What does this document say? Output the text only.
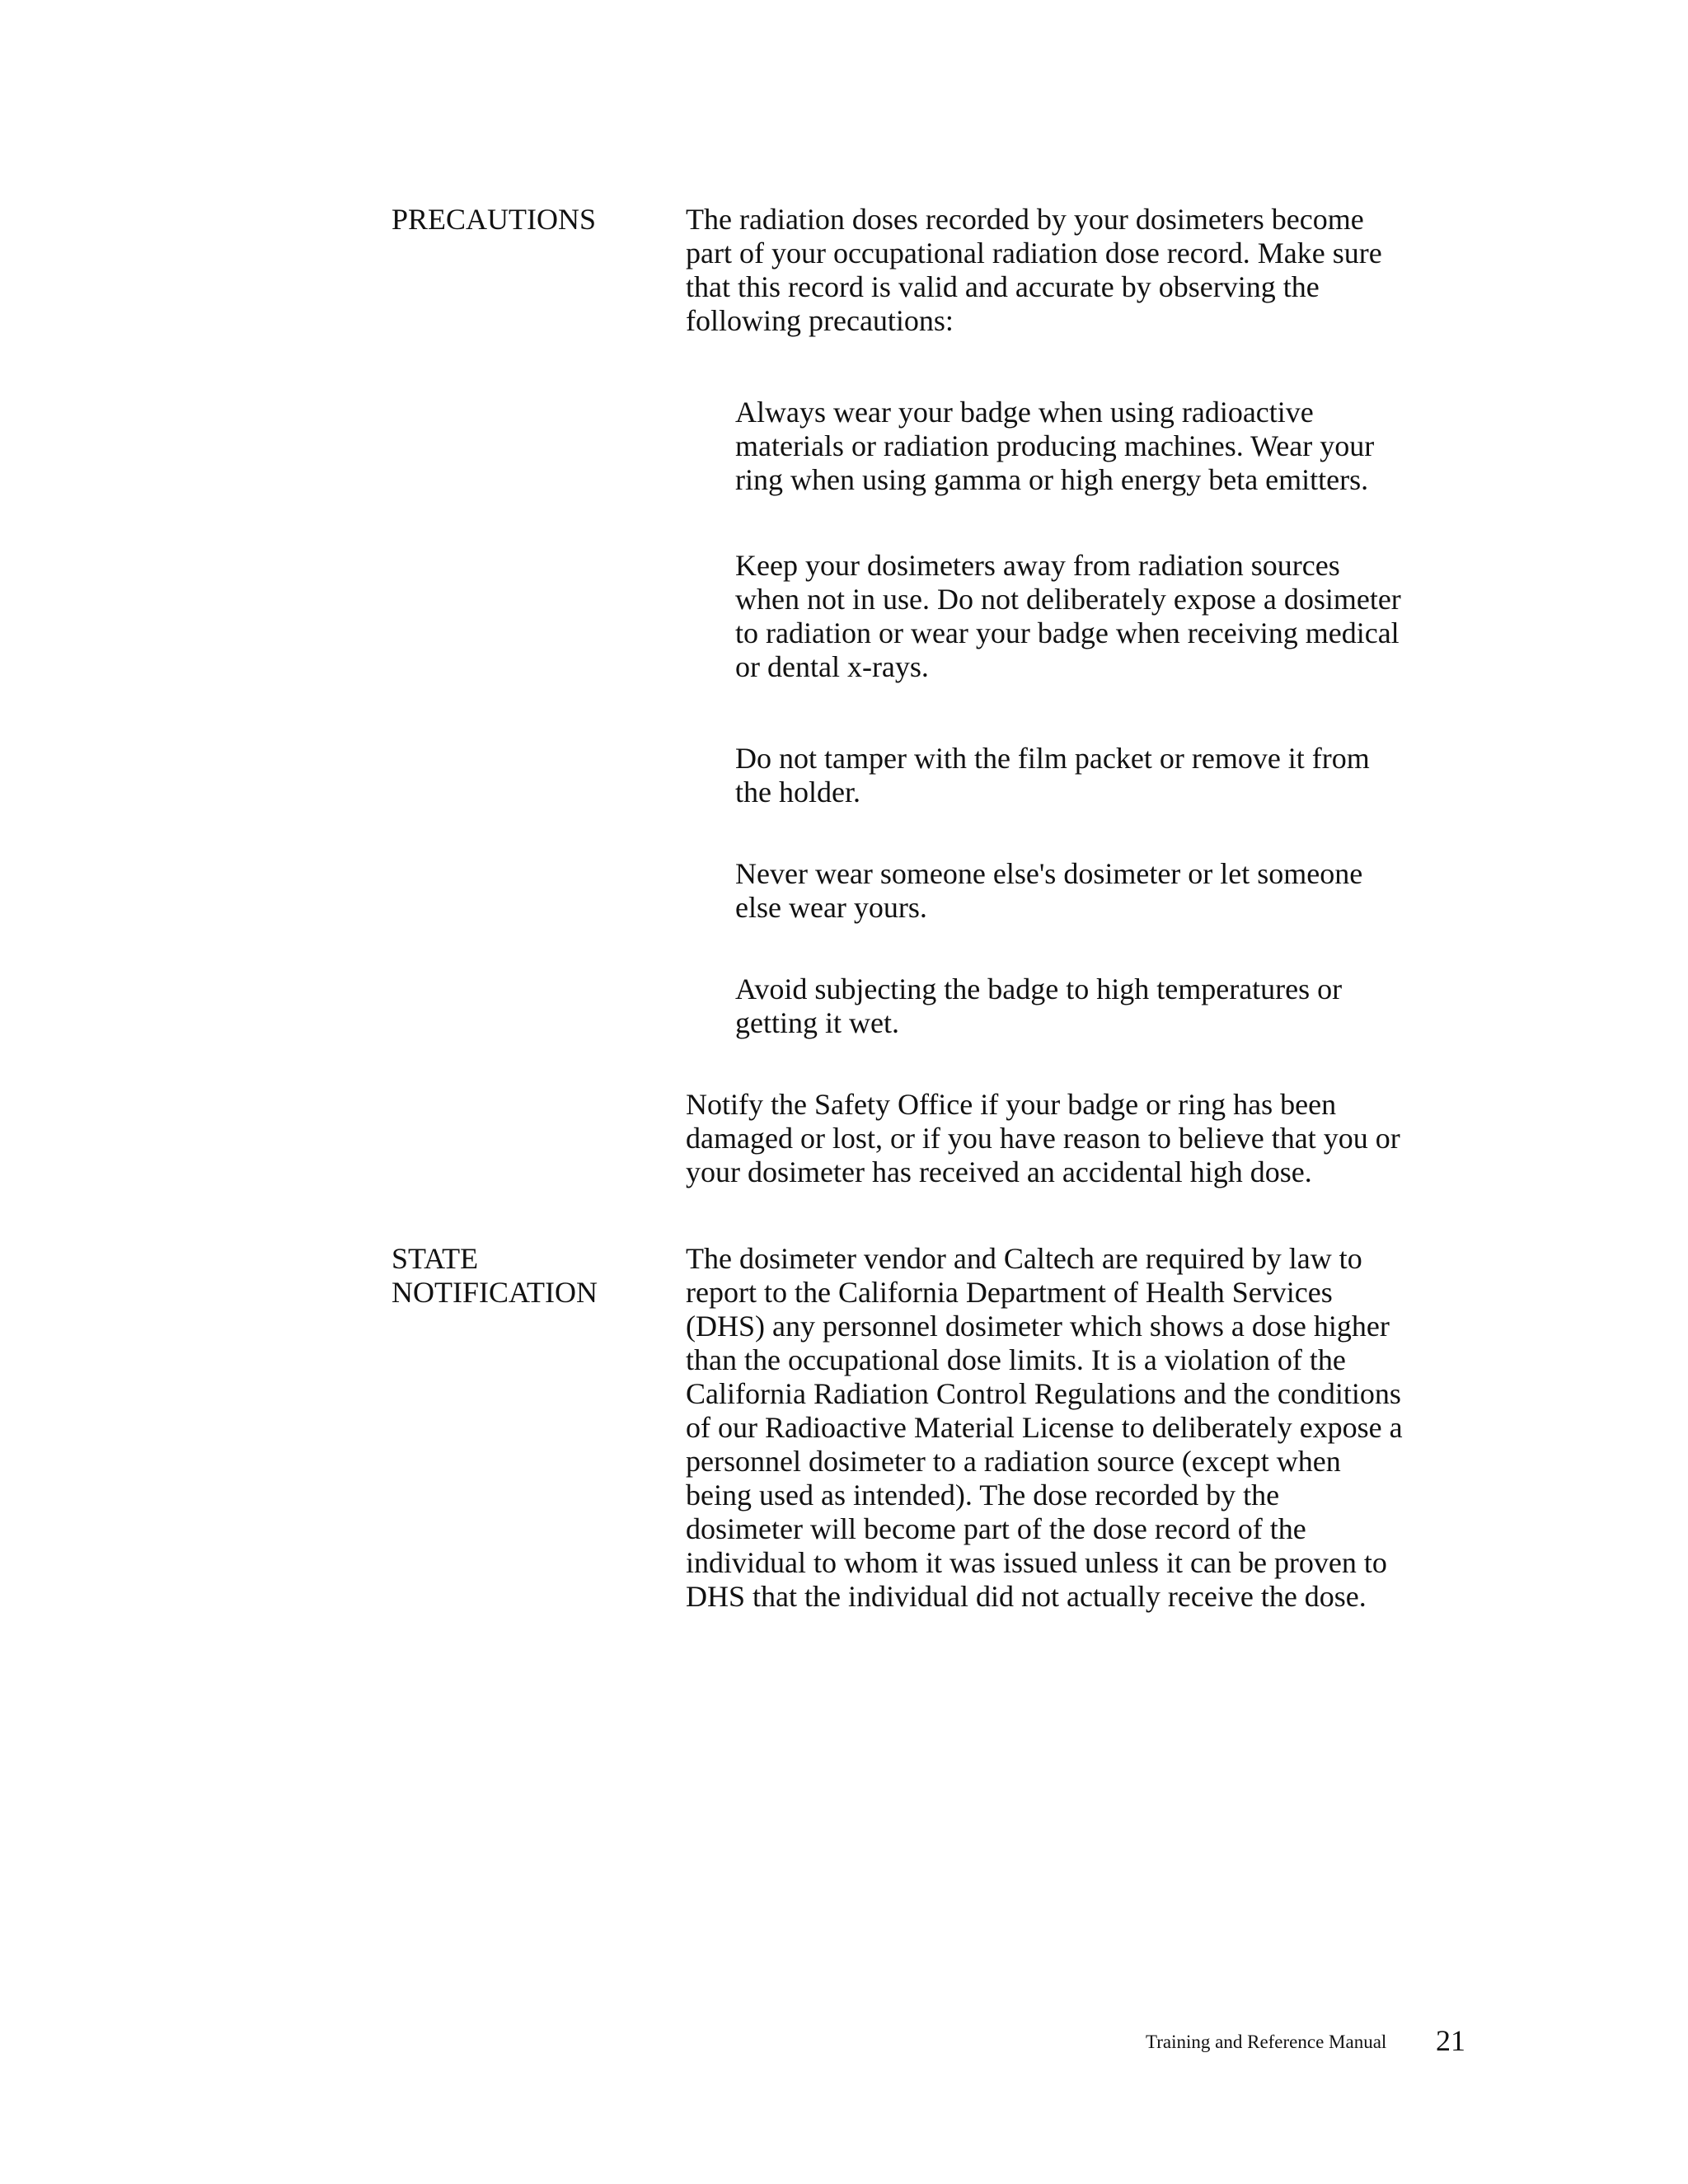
PRECAUTIONS	The radiation doses recorded by your dosimeters become part of your occupational radiation dose record. Make sure that this record is valid and accurate by observing the following precautions:
Always wear your badge when using radioactive materials or radiation producing machines. Wear your ring when using gamma or high energy beta emitters.
Keep your dosimeters away from radiation sources when not in use. Do not deliberately expose a dosimeter to radiation or wear your badge when receiving medical or dental x-rays.
Do not tamper with the film packet or remove it from the holder.
Never wear someone else's dosimeter or let someone else wear yours.
Avoid subjecting the badge to high temperatures or getting it wet.
Notify the Safety Office if your badge or ring has been damaged or lost, or if you have reason to believe that you or your dosimeter has received an accidental high dose.
STATE
NOTIFICATION
The dosimeter vendor and Caltech are required by law to report to the California Department of Health Services (DHS) any personnel dosimeter which shows a dose higher than the occupational dose limits. It is a violation of the California Radiation Control Regulations and the conditions of our Radioactive Material License to deliberately expose a personnel dosimeter to a radiation source (except when being used as intended). The dose recorded by the dosimeter will become part of the dose record of the individual to whom it was issued unless it can be proven to DHS that the individual did not actually receive the dose.
Training and Reference Manual 21
